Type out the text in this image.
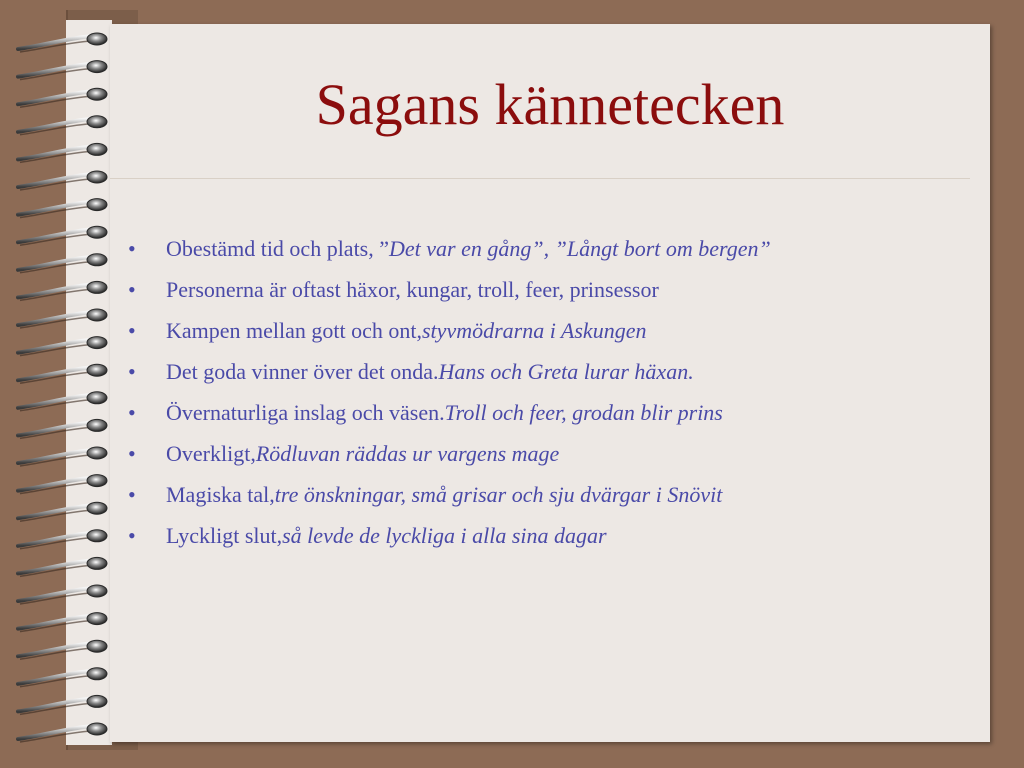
Sagans kännetecken
•	Obestämd tid och plats, ” Det var en gång”, ”Långt bort om bergen”
•	Personerna är oftast häxor, kungar, troll, feer, prinsessor
•	Kampen mellan gott och ont, styvmödrarna i Askungen
•	Det goda vinner över det onda. Hans och Greta lurar häxan.
•	Övernaturliga inslag och väsen. Troll och feer, grodan blir prins
•	Overkligt, Rödluvan räddas ur vargens mage
•	Magiska tal, tre önskningar, små grisar och sju dvärgar i Snövit
•	Lyckligt slut, så levde de lyckliga i alla sina dagar
